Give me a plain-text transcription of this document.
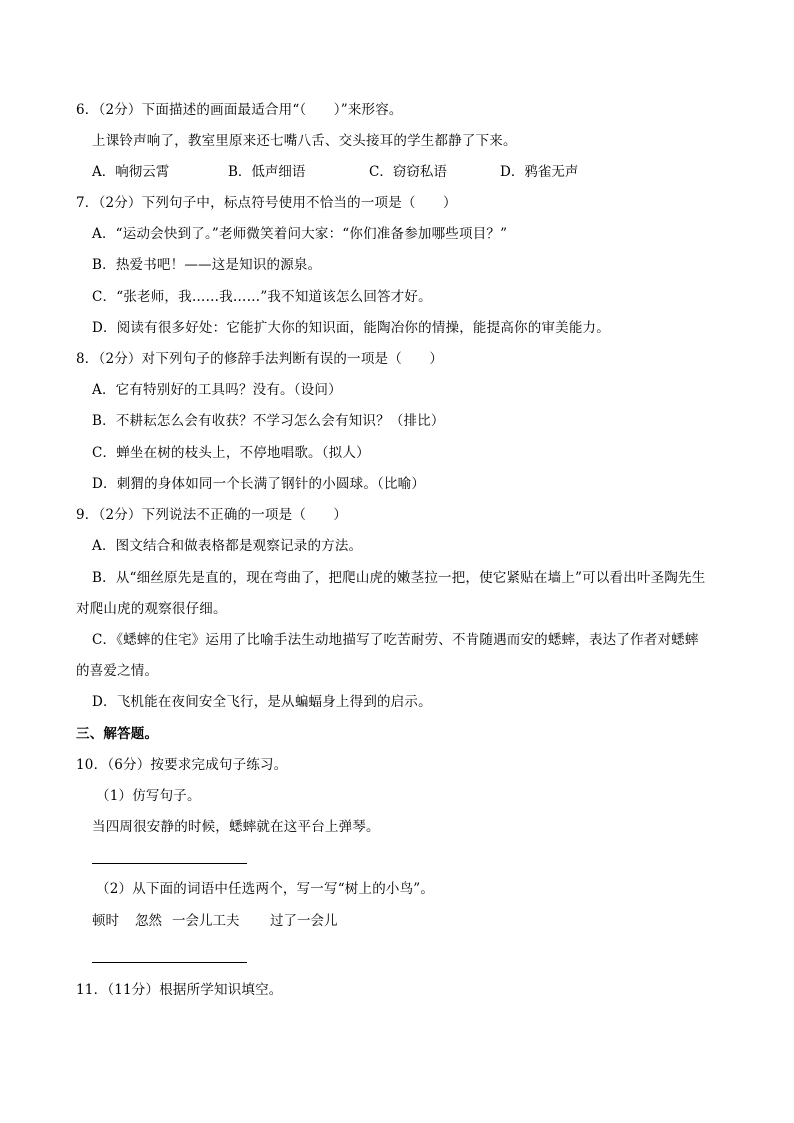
6．（2分）下面描述的画面最适合用“（　　）”来形容。
上课铃声响了，教室里原来还七嘴八舌、交头接耳的学生都静了下来。
A．响彻云霄	B．低声细语	C．窃窃私语	D．鸦雀无声
7．（2分）下列句子中，标点符号使用不恰当的一项是（　　）
A．“运动会快到了。”老师微笑着问大家：“你们准备参加哪些项目？”
B．热爱书吧！——这是知识的源泉。
C．“张老师，我……我……”我不知道该怎么回答才好。
D．阅读有很多好处：它能扩大你的知识面，能陶冶你的情操，能提高你的审美能力。
8．（2分）对下列句子的修辞手法判断有误的一项是（　　）
A．它有特别好的工具吗？没有。（设问）
B．不耕耘怎么会有收获？不学习怎么会有知识？（排比）
C．蝉坐在树的枝头上，不停地唱歌。（拟人）
D．刺猬的身体如同一个长满了钢针的小圆球。（比喻）
9．（2分）下列说法不正确的一项是（　　）
A．图文结合和做表格都是观察记录的方法。
B．从“细丝原先是直的，现在弯曲了，把爬山虎的嫩茎拉一把，使它紧贴在墙上”可以看出叶圣陶先生
对爬山虎的观察很仔细。
C．《蟋蟀的住宅》运用了比喻手法生动地描写了吃苦耐劳、不肯随遇而安的蟋蟀，表达了作者对蟋蟀
的喜爱之情。
D．飞机能在夜间安全飞行，是从蝙蝠身上得到的启示。
三、解答题。
10．（6分）按要求完成句子练习。
（1）仿写句子。
当四周很安静的时候，蟋蟀就在这平台上弹琴。
（2）从下面的词语中任选两个，写一写“树上的小鸟”。
顿时 忽然 一会儿工夫 过了一会儿
11．（11分）根据所学知识填空。
